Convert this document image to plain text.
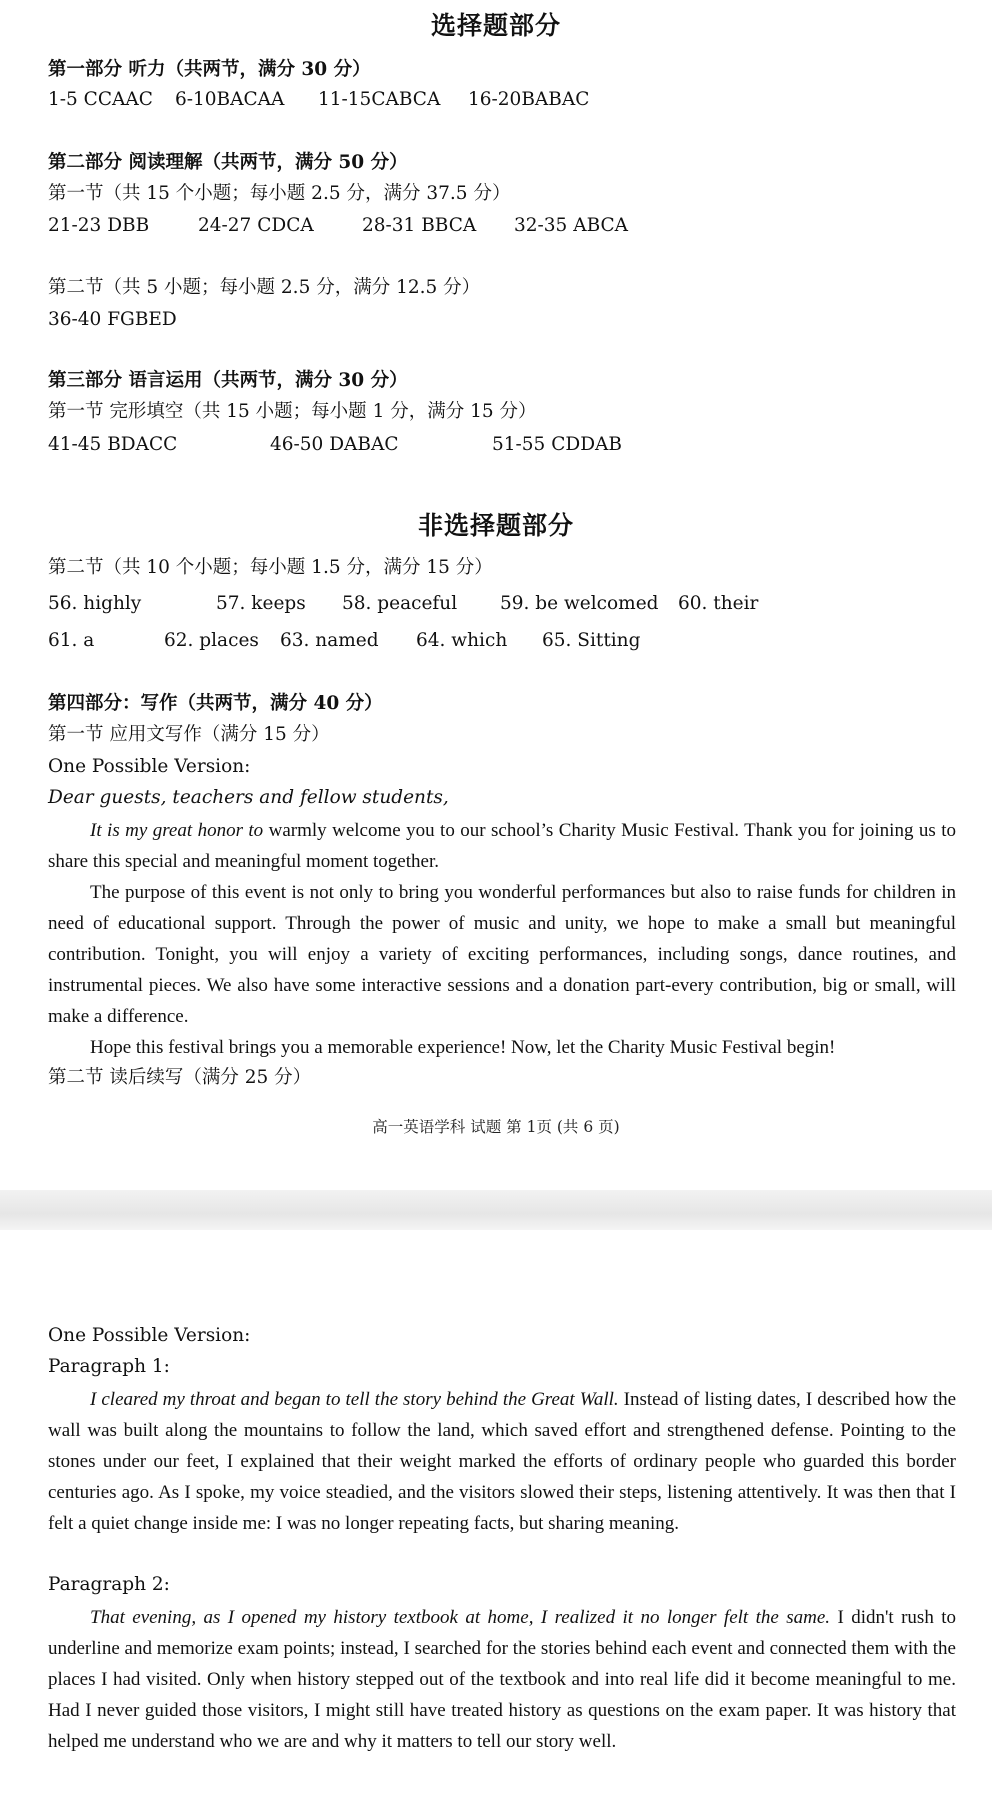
选择题部分
第一部分 听力（共两节，满分 30 分）
1-5 CCAAC 6-10BACAA 11-15CABCA 16-20BABAC
第二部分 阅读理解（共两节，满分 50 分）
第一节（共 15 个小题；每小题 2.5 分，满分 37.5 分）
21-23 DBB	24-27 CDCA	28-31 BBCA 32-35 ABCA
第二节（共 5 小题；每小题 2.5 分，满分 12.5 分）
36-40 FGBED
第三部分 语言运用（共两节，满分 30 分）
第一节 完形填空（共 15 小题；每小题 1 分，满分 15 分）
41-45 BDACC	46-50 DABAC	51-55 CDDAB
非选择题部分
第二节（共 10 个小题；每小题 1.5 分，满分 15 分）
56. highly	57. keeps 58. peaceful 59. be welcomed 60. their
61. a	62. places 63. named 64. which 65. Sitting
第四部分：写作（共两节，满分 40 分）
第一节 应用文写作（满分 15 分）
One Possible Version:
Dear guests, teachers and fellow students,

It is my great honor to warmly welcome you to our school’s Charity Music Festival. Thank you for joining us to share this special and meaningful moment together.

The purpose of this event is not only to bring you wonderful performances but also to raise funds for children in need of educational support. Through the power of music and unity, we hope to make a small but meaningful contribution. Tonight, you will enjoy a variety of exciting performances, including songs, dance routines, and instrumental pieces. We also have some interactive sessions and a donation part-every contribution, big or small, will make a difference.

Hope this festival brings you a memorable experience! Now, let the Charity Music Festival begin!

第二节 读后续写（满分 25 分）
高一英语学科 试题 第 1页 (共 6 页)
One Possible Version:
Paragraph 1:

I cleared my throat and began to tell the story behind the Great Wall. Instead of listing dates, I described how the wall was built along the mountains to follow the land, which saved effort and strengthened defense. Pointing to the stones under our feet, I explained that their weight marked the efforts of ordinary people who guarded this border centuries ago. As I spoke, my voice steadied, and the visitors slowed their steps, listening attentively. It was then that I felt a quiet change inside me: I was no longer repeating facts, but sharing meaning.

Paragraph 2:

That evening, as I opened my history textbook at home, I realized it no longer felt the same. I didn't rush to underline and memorize exam points; instead, I searched for the stories behind each event and connected them with the places I had visited. Only when history stepped out of the textbook and into real life did it become meaningful to me. Had I never guided those visitors, I might still have treated history as questions on the exam paper. It was history that helped me understand who we are and why it matters to tell our story well.
